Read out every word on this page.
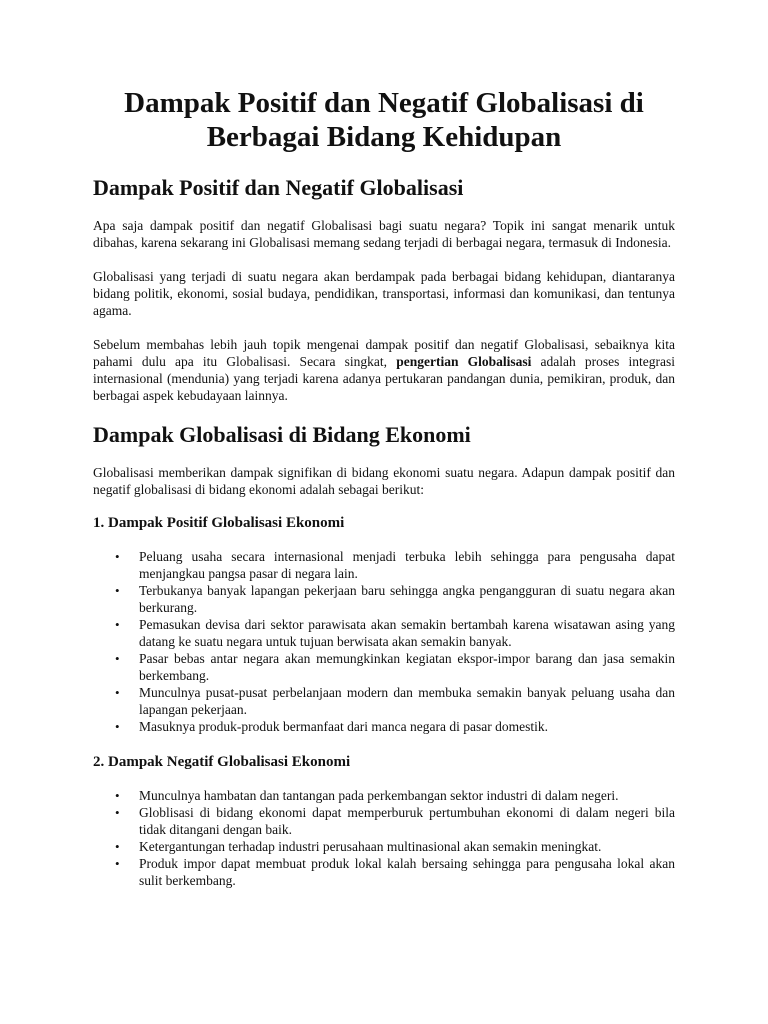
Dampak Positif dan Negatif Globalisasi di Berbagai Bidang Kehidupan
Dampak Positif dan Negatif Globalisasi

Apa saja dampak positif dan negatif Globalisasi bagi suatu negara? Topik ini sangat menarik untuk dibahas, karena sekarang ini Globalisasi memang sedang terjadi di berbagai negara, termasuk di Indonesia.

Globalisasi yang terjadi di suatu negara akan berdampak pada berbagai bidang kehidupan, diantaranya bidang politik, ekonomi, sosial budaya, pendidikan, transportasi, informasi dan komunikasi, dan tentunya agama.

Sebelum membahas lebih jauh topik mengenai dampak positif dan negatif Globalisasi, sebaiknya kita pahami dulu apa itu Globalisasi. Secara singkat, pengertian Globalisasi adalah proses integrasi internasional (mendunia) yang terjadi karena adanya pertukaran pandangan dunia, pemikiran, produk, dan berbagai aspek kebudayaan lainnya.

Dampak Globalisasi di Bidang Ekonomi

Globalisasi memberikan dampak signifikan di bidang ekonomi suatu negara. Adapun dampak positif dan negatif globalisasi di bidang ekonomi adalah sebagai berikut:

1. Dampak Positif Globalisasi Ekonomi
• Peluang usaha secara internasional menjadi terbuka lebih sehingga para pengusaha dapat menjangkau pangsa pasar di negara lain.
• Terbukanya banyak lapangan pekerjaan baru sehingga angka pengangguran di suatu negara akan berkurang.
• Pemasukan devisa dari sektor parawisata akan semakin bertambah karena wisatawan asing yang datang ke suatu negara untuk tujuan berwisata akan semakin banyak.
• Pasar bebas antar negara akan memungkinkan kegiatan ekspor-impor barang dan jasa semakin berkembang.
• Munculnya pusat-pusat perbelanjaan modern dan membuka semakin banyak peluang usaha dan lapangan pekerjaan.
• Masuknya produk-produk bermanfaat dari manca negara di pasar domestik.
2. Dampak Negatif Globalisasi Ekonomi
• Munculnya hambatan dan tantangan pada perkembangan sektor industri di dalam negeri.
• Globlisasi di bidang ekonomi dapat memperburuk pertumbuhan ekonomi di dalam negeri bila tidak ditangani dengan baik.
• Ketergantungan terhadap industri perusahaan multinasional akan semakin meningkat.
• Produk impor dapat membuat produk lokal kalah bersaing sehingga para pengusaha lokal akan sulit berkembang.
